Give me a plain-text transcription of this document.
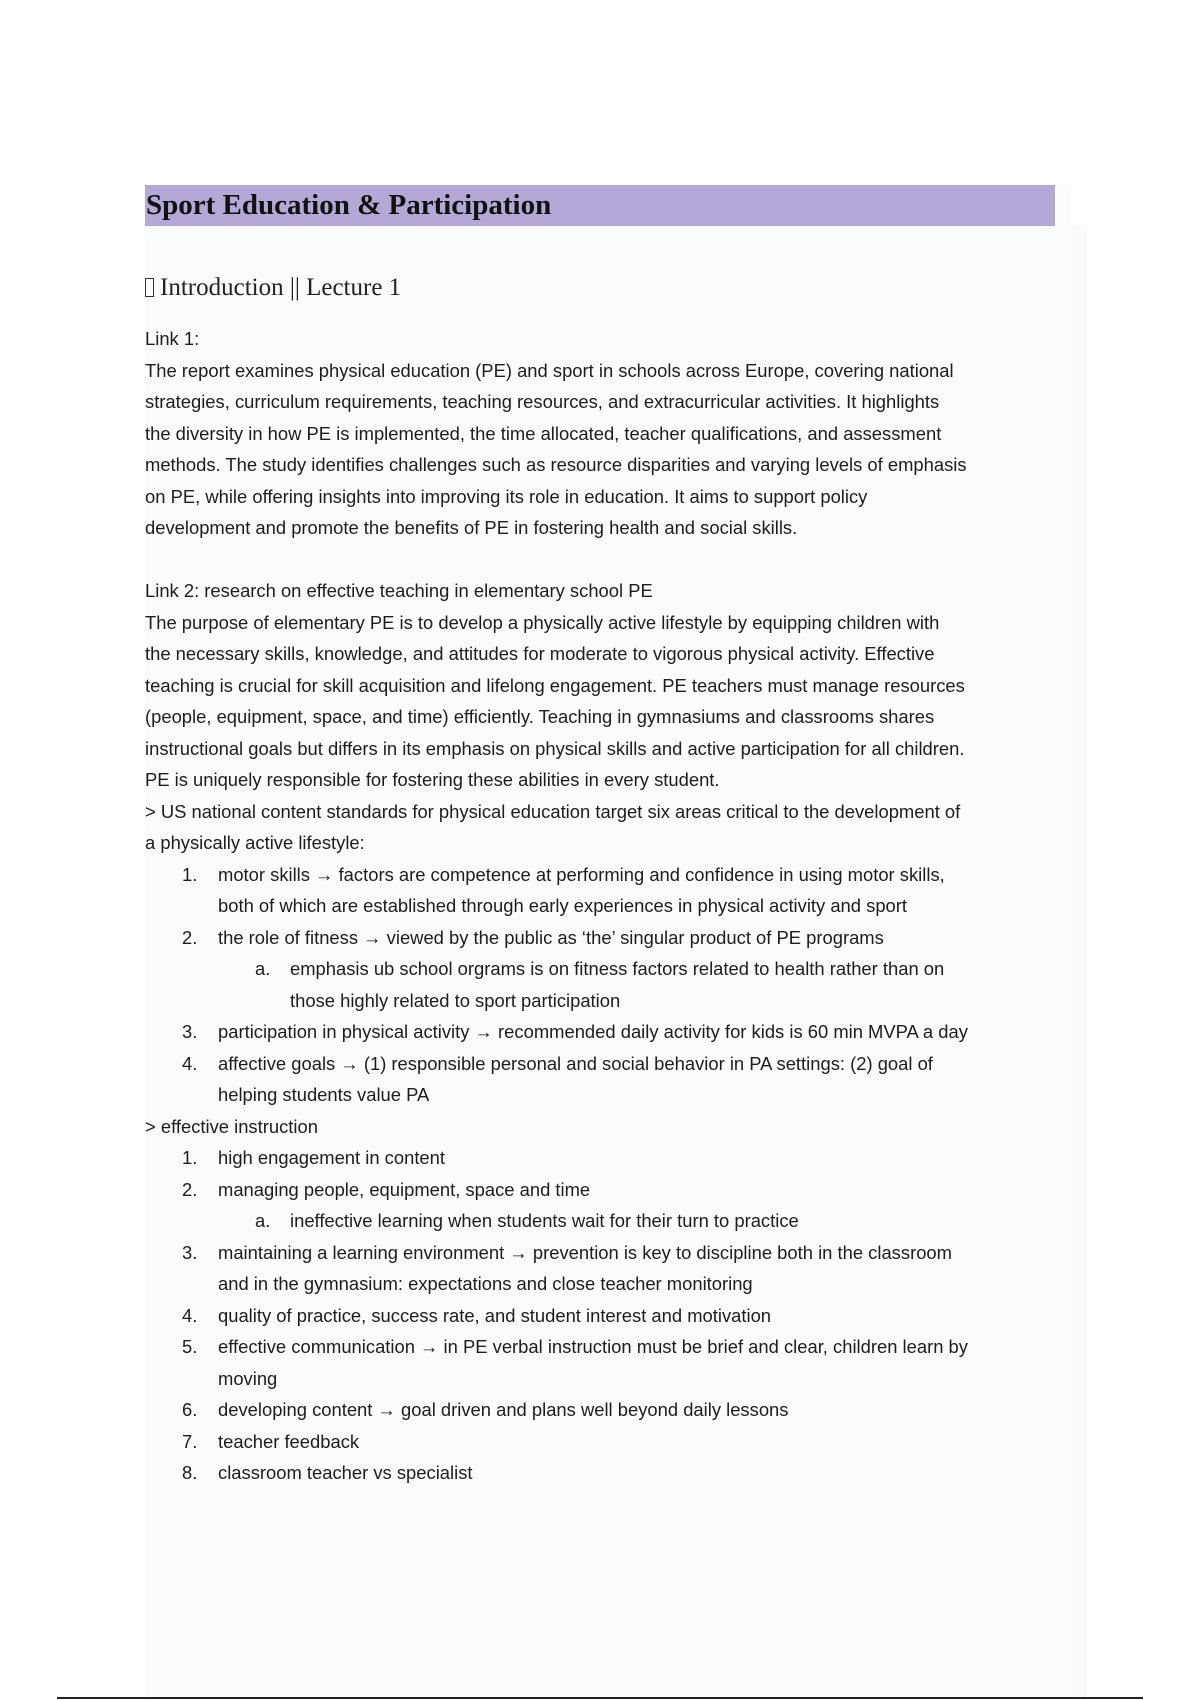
Sport Education & Participation
Introduction || Lecture 1
Link 1:
The report examines physical education (PE) and sport in schools across Europe, covering national
strategies, curriculum requirements, teaching resources, and extracurricular activities. It highlights
the diversity in how PE is implemented, the time allocated, teacher qualifications, and assessment
methods. The study identifies challenges such as resource disparities and varying levels of emphasis
on PE, while offering insights into improving its role in education. It aims to support policy
development and promote the benefits of PE in fostering health and social skills.
Link 2: research on effective teaching in elementary school PE
The purpose of elementary PE is to develop a physically active lifestyle by equipping children with
the necessary skills, knowledge, and attitudes for moderate to vigorous physical activity. Effective
teaching is crucial for skill acquisition and lifelong engagement. PE teachers must manage resources
(people, equipment, space, and time) efficiently. Teaching in gymnasiums and classrooms shares
instructional goals but differs in its emphasis on physical skills and active participation for all children.
PE is uniquely responsible for fostering these abilities in every student.
> US national content standards for physical education target six areas critical to the development of
a physically active lifestyle:
1. motor skills → factors are competence at performing and confidence in using motor skills,
both of which are established through early experiences in physical activity and sport
2. the role of fitness → viewed by the public as ‘the’ singular product of PE programs
a. emphasis ub school orgrams is on fitness factors related to health rather than on
those highly related to sport participation
3. participation in physical activity → recommended daily activity for kids is 60 min MVPA a day
4. affective goals → (1) responsible personal and social behavior in PA settings: (2) goal of
helping students value PA
> effective instruction
1. high engagement in content
2. managing people, equipment, space and time
a. ineffective learning when students wait for their turn to practice
3. maintaining a learning environment → prevention is key to discipline both in the classroom
and in the gymnasium: expectations and close teacher monitoring
4. quality of practice, success rate, and student interest and motivation
5. effective communication → in PE verbal instruction must be brief and clear, children learn by
moving
6. developing content → goal driven and plans well beyond daily lessons
7. teacher feedback
8. classroom teacher vs specialist
